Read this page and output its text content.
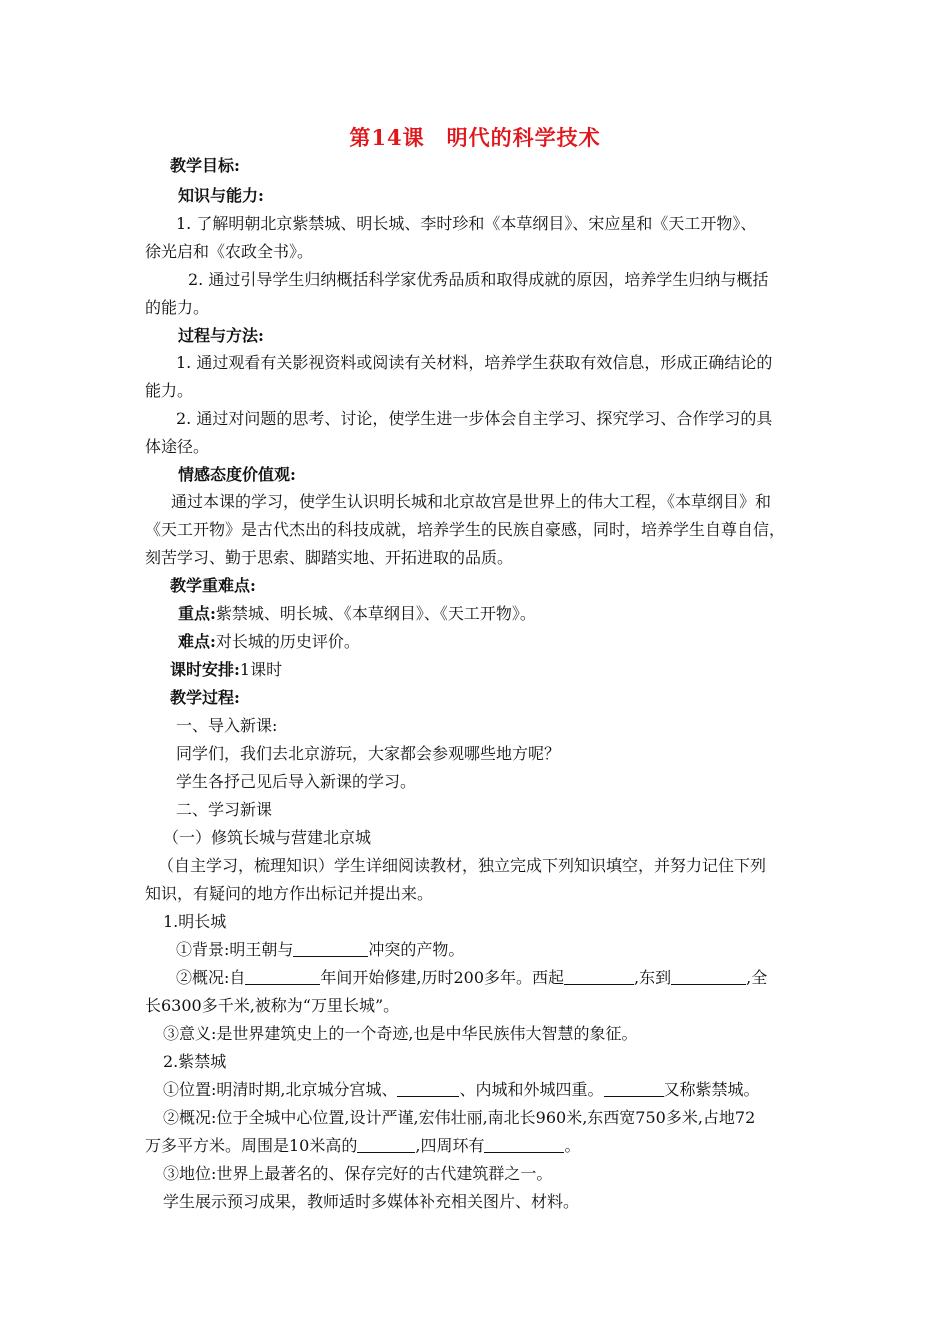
第14课　明代的科学技术
教学目标:
知识与能力:
1. 了解明朝北京紫禁城、明长城、李时珍和《本草纲目》、宋应星和《天工开物》、
徐光启和《农政全书》。
2. 通过引导学生归纳概括科学家优秀品质和取得成就的原因，培养学生归纳与概括
的能力。
过程与方法:
1. 通过观看有关影视资料或阅读有关材料，培养学生获取有效信息，形成正确结论的
能力。
2. 通过对问题的思考、讨论，使学生进一步体会自主学习、探究学习、合作学习的具
体途径。
情感态度价值观:
通过本课的学习，使学生认识明长城和北京故宫是世界上的伟大工程，《本草纲目》和
《天工开物》是古代杰出的科技成就，培养学生的民族自豪感，同时，培养学生自尊自信，
刻苦学习、勤于思索、脚踏实地、开拓进取的品质。
教学重难点:
重点:紫禁城、明长城、《本草纲目》、《天工开物》。
难点:对长城的历史评价。
课时安排:1课时
教学过程:
一、导入新课:
同学们，我们去北京游玩，大家都会参观哪些地方呢？
学生各抒己见后导入新课的学习。
二、学习新课
（一）修筑长城与营建北京城
（自主学习，梳理知识）学生详细阅读教材，独立完成下列知识填空，并努力记住下列
知识，有疑问的地方作出标记并提出来。
1.明长城
①背景:明王朝与	冲突的产物。
②概况:自	年间开始修建,历时200多年。西起	,东到	,全
长6300多千米,被称为“万里长城”。
③意义:是世界建筑史上的一个奇迹,也是中华民族伟大智慧的象征。
2.紫禁城
①位置:明清时期,北京城分宫城、	、内城和外城四重。	又称紫禁城。
②概况:位于全城中心位置,设计严谨,宏伟壮丽,南北长960米,东西宽750多米,占地72
万多平方米。周围是10米高的	,四周环有	。
③地位:世界上最著名的、保存完好的古代建筑群之一。
学生展示预习成果，教师适时多媒体补充相关图片、材料。
